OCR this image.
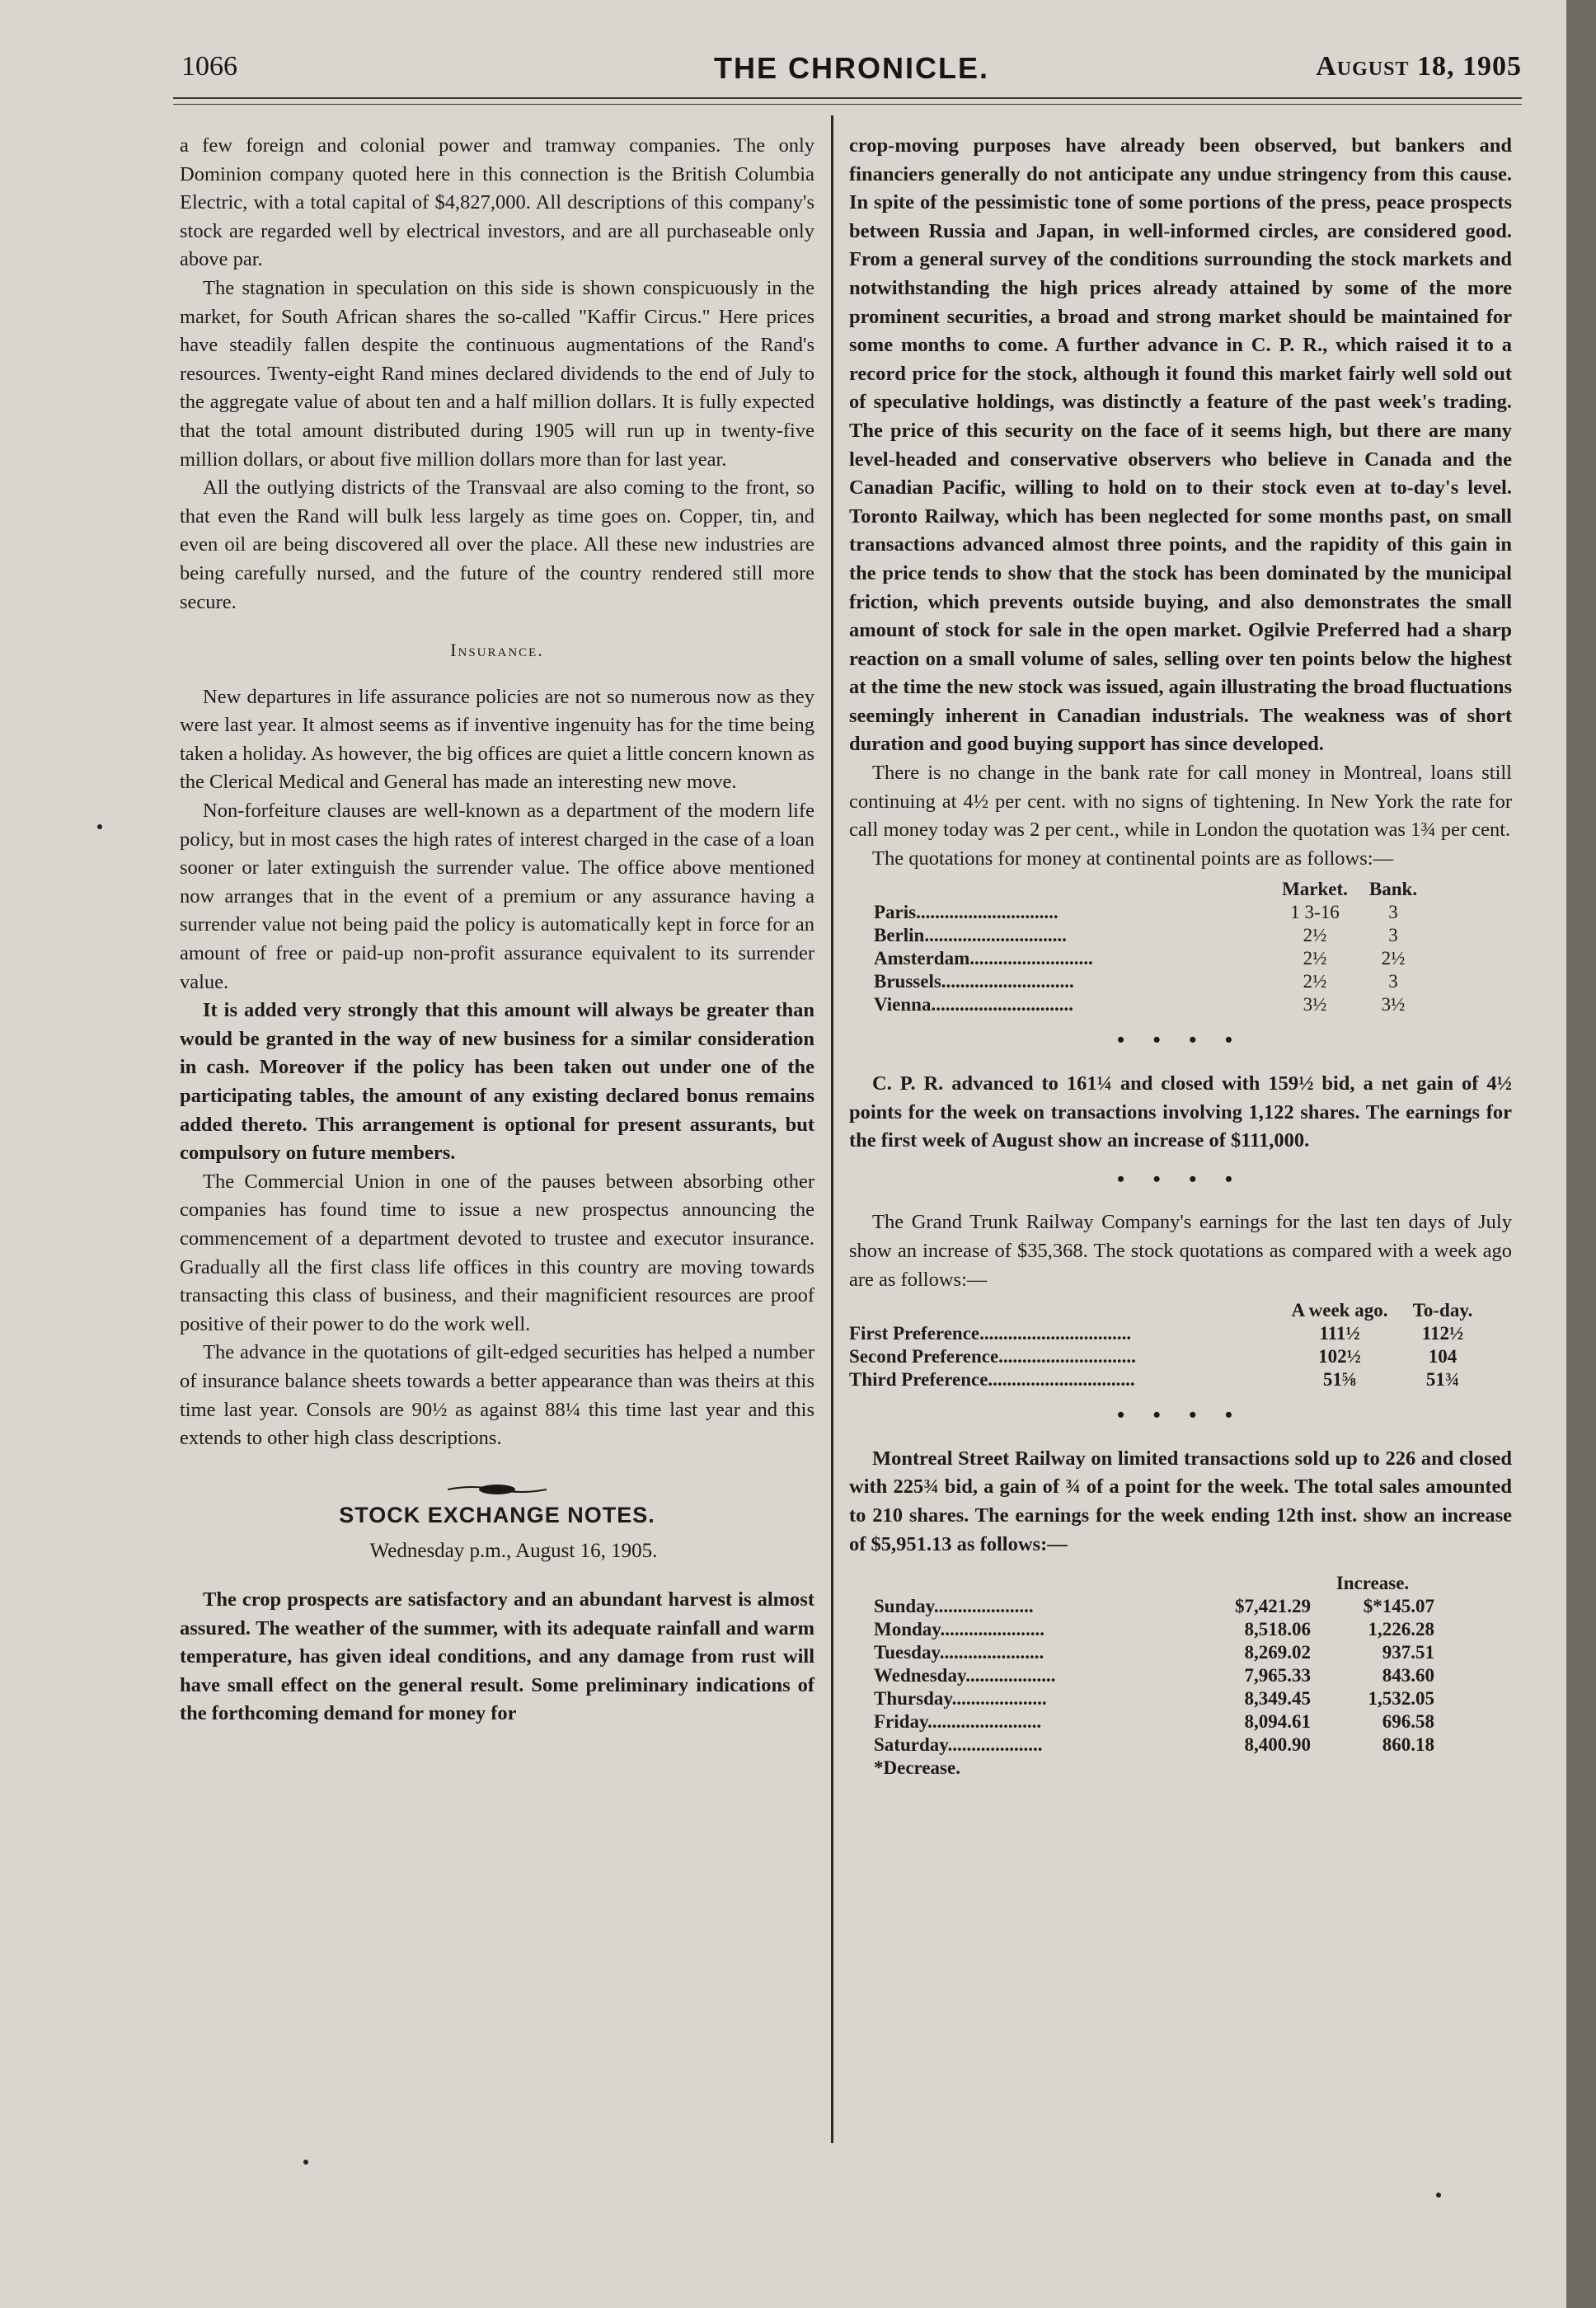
1066	THE CHRONICLE.	August 18, 1905

a few foreign and colonial power and tramway companies. The only Dominion company quoted here in this connection is the British Columbia Electric, with a total capital of $4,827,000. All descriptions of this company's stock are regarded well by electrical investors, and are all purchaseable only above par.

The stagnation in speculation on this side is shown conspicuously in the market, for South African shares the so-called "Kaffir Circus." Here prices have steadily fallen despite the continuous augmentations of the Rand's resources. Twenty-eight Rand mines declared dividends to the end of July to the aggregate value of about ten and a half million dollars. It is fully expected that the total amount distributed during 1905 will run up in twenty-five million dollars, or about five million dollars more than for last year.

All the outlying districts of the Transvaal are also coming to the front, so that even the Rand will bulk less largely as time goes on. Copper, tin, and even oil are being discovered all over the place. All these new industries are being carefully nursed, and the future of the country rendered still more secure.

Insurance.

New departures in life assurance policies are not so numerous now as they were last year. It almost seems as if inventive ingenuity has for the time being taken a holiday. As however, the big offices are quiet a little concern known as the Clerical Medical and General has made an interesting new move.

Non-forfeiture clauses are well-known as a department of the modern life policy, but in most cases the high rates of interest charged in the case of a loan sooner or later extinguish the surrender value. The office above mentioned now arranges that in the event of a premium or any assurance having a surrender value not being paid the policy is automatically kept in force for an amount of free or paid-up non-profit assurance equivalent to its surrender value.

It is added very strongly that this amount will always be greater than would be granted in the way of new business for a similar consideration in cash. Moreover if the policy has been taken out under one of the participating tables, the amount of any existing declared bonus remains added thereto. This arrangement is optional for present assurants, but compulsory on future members.

The Commercial Union in one of the pauses between absorbing other companies has found time to issue a new prospectus announcing the commencement of a department devoted to trustee and executor insurance. Gradually all the first class life offices in this country are moving towards transacting this class of business, and their magnificient resources are proof positive of their power to do the work well.

The advance in the quotations of gilt-edged securities has helped a number of insurance balance sheets towards a better appearance than was theirs at this time last year. Consols are 90½ as against 88¼ this time last year and this extends to other high class descriptions.

STOCK EXCHANGE NOTES.
Wednesday p.m., August 16, 1905.

The crop prospects are satisfactory and an abundant harvest is almost assured. The weather of the summer, with its adequate rainfall and warm temperature, has given ideal conditions, and any damage from rust will have small effect on the general result. Some preliminary indications of the forthcoming demand for money for

crop-moving purposes have already been observed, but bankers and financiers generally do not anticipate any undue stringency from this cause. In spite of the pessimistic tone of some portions of the press, peace prospects between Russia and Japan, in well-informed circles, are considered good. From a general survey of the conditions surrounding the stock markets and notwithstanding the high prices already attained by some of the more prominent securities, a broad and strong market should be maintained for some months to come. A further advance in C. P. R., which raised it to a record price for the stock, although it found this market fairly well sold out of speculative holdings, was distinctly a feature of the past week's trading. The price of this security on the face of it seems high, but there are many level-headed and conservative observers who believe in Canada and the Canadian Pacific, willing to hold on to their stock even at to-day's level. Toronto Railway, which has been neglected for some months past, on small transactions advanced almost three points, and the rapidity of this gain in the price tends to show that the stock has been dominated by the municipal friction, which prevents outside buying, and also demonstrates the small amount of stock for sale in the open market. Ogilvie Preferred had a sharp reaction on a small volume of sales, selling over ten points below the highest at the time the new stock was issued, again illustrating the broad fluctuations seemingly inherent in Canadian industrials. The weakness was of short duration and good buying support has since developed.

There is no change in the bank rate for call money in Montreal, loans still continuing at 4½ per cent. with no signs of tightening. In New York the rate for call money today was 2 per cent., while in London the quotation was 1¾ per cent.

The quotations for money at continental points are as follows:—

	Market.	Bank.
Paris..............................	1 3-16	3
Berlin..............................	2½	3
Amsterdam..........................	2½	2½
Brussels............................	2½	3
Vienna..............................	3½	3½
• • • •

C. P. R. advanced to 161¼ and closed with 159½ bid, a net gain of 4½ points for the week on transactions involving 1,122 shares. The earnings for the first week of August show an increase of $111,000.

• • • •

The Grand Trunk Railway Company's earnings for the last ten days of July show an increase of $35,368. The stock quotations as compared with a week ago are as follows:—

	A week ago.	To-day.
First Preference................................	111½	112½
Second Preference.............................	102½	104
Third Preference...............................	51⅝	51¾
• • • •

Montreal Street Railway on limited transactions sold up to 226 and closed with 225¾ bid, a gain of ¾ of a point for the week. The total sales amounted to 210 shares. The earnings for the week ending 12th inst. show an increase of $5,951.13 as follows:—

		Increase.
Sunday.....................	$7,421.29	$*145.07
Monday......................	8,518.06	1,226.28
Tuesday......................	8,269.02	937.51
Wednesday...................	7,965.33	843.60
Thursday....................	8,349.45	1,532.05
Friday........................	8,094.61	696.58
Saturday....................	8,400.90	860.18
*Decrease.		
